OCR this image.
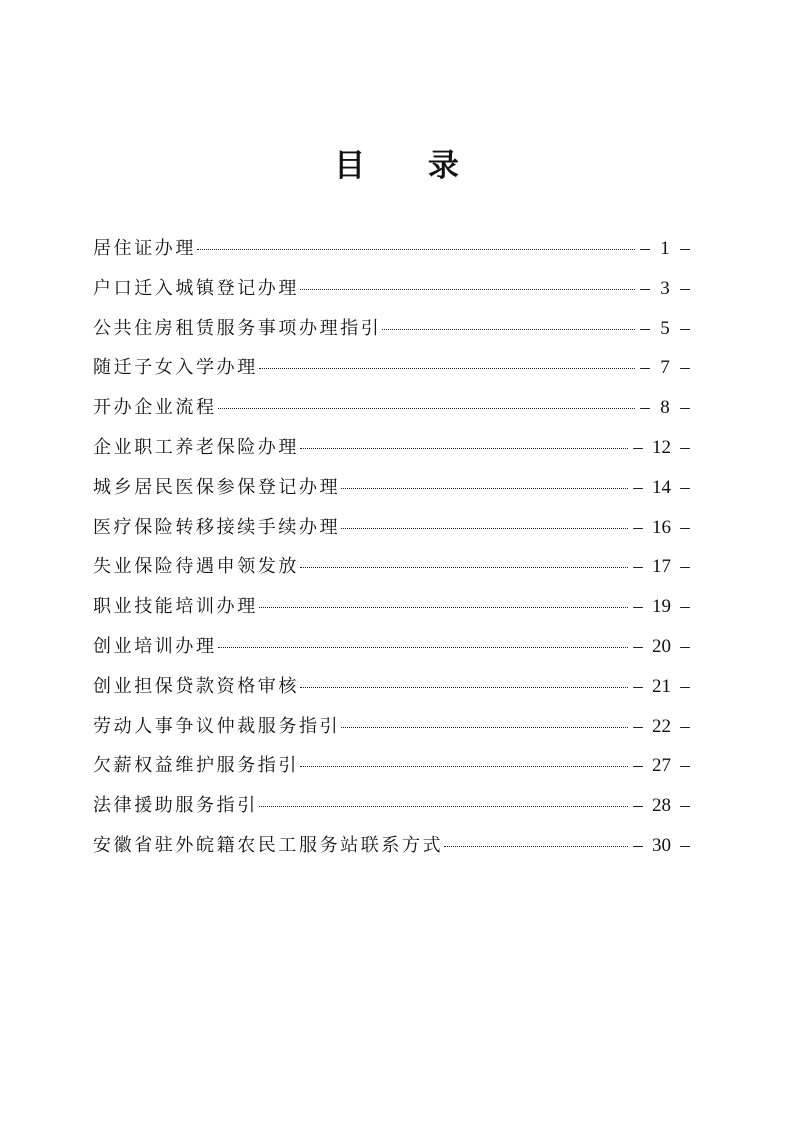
目 录
居住证办理	– 1 –
户口迁入城镇登记办理	– 3 –
公共住房租赁服务事项办理指引	– 5 –
随迁子女入学办理	– 7 –
开办企业流程	– 8 –
企业职工养老保险办理	– 12 –
城乡居民医保参保登记办理	– 14 –
医疗保险转移接续手续办理	– 16 –
失业保险待遇申领发放	– 17 –
职业技能培训办理	– 19 –
创业培训办理	– 20 –
创业担保贷款资格审核	– 21 –
劳动人事争议仲裁服务指引	– 22 –
欠薪权益维护服务指引	– 27 –
法律援助服务指引	– 28 –
安徽省驻外皖籍农民工服务站联系方式	– 30 –
